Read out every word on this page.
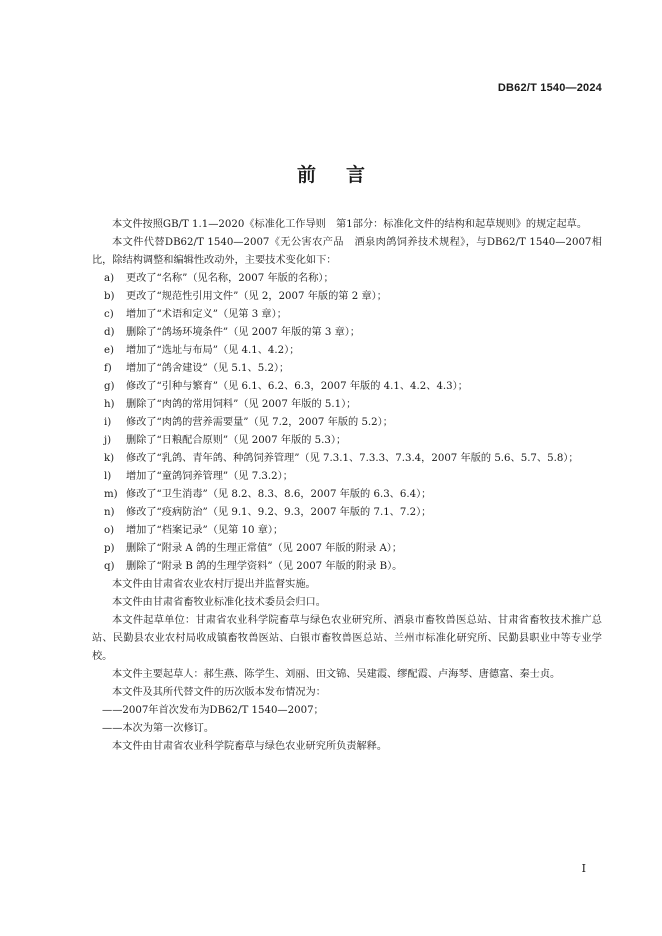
DB62/T 1540—2024
前言

本文件按照GB/T 1.1—2020《标准化工作导则　第1部分：标准化文件的结构和起草规则》的规定起草。

本文件代替DB62/T 1540—2007《无公害农产品　酒泉肉鸽饲养技术规程》，与DB62/T 1540—2007相比，除结构调整和编辑性改动外，主要技术变化如下：

a) 更改了“名称”（见名称，2007 年版的名称）；
b) 更改了“规范性引用文件”（见 2，2007 年版的第 2 章）；
c) 增加了“术语和定义”（见第 3 章）；
d) 删除了“鸽场环境条件”（见 2007 年版的第 3 章）；
e) 增加了“选址与布局”（见 4.1、4.2）；
f) 增加了“鸽舍建设”（见 5.1、5.2）；
g) 修改了“引种与繁育”（见 6.1、6.2、6.3，2007 年版的 4.1、4.2、4.3）；
h) 删除了“肉鸽的常用饲料”（见 2007 年版的 5.1）；
i) 修改了“肉鸽的营养需要量”（见 7.2，2007 年版的 5.2）；
j) 删除了“日粮配合原则”（见 2007 年版的 5.3）；
k) 修改了“乳鸽、青年鸽、种鸽饲养管理”（见 7.3.1、7.3.3、7.3.4，2007 年版的 5.6、5.7、5.8）；
l) 增加了“童鸽饲养管理”（见 7.3.2）；
m) 修改了“卫生消毒”（见 8.2、8.3、8.6，2007 年版的 6.3、6.4）；
n) 修改了“疫病防治”（见 9.1、9.2、9.3，2007 年版的 7.1、7.2）；
o) 增加了“档案记录”（见第 10 章）；
p) 删除了“附录 A 鸽的生理正常值”（见 2007 年版的附录 A）；
q) 删除了“附录 B 鸽的生理学资料”（见 2007 年版的附录 B）。

本文件由甘肃省农业农村厅提出并监督实施。

本文件由甘肃省畜牧业标准化技术委员会归口。

本文件起草单位：甘肃省农业科学院畜草与绿色农业研究所、酒泉市畜牧兽医总站、甘肃省畜牧技术推广总站、民勤县农业农村局收成镇畜牧兽医站、白银市畜牧兽医总站、兰州市标准化研究所、民勤县职业中等专业学校。

本文件主要起草人：郝生燕、陈学生、刘丽、田文锦、吴建霞、缪配霞、卢海琴、唐德富、秦士贞。

本文件及其所代替文件的历次版本发布情况为：

——2007年首次发布为DB62/T 1540—2007；

——本次为第一次修订。

本文件由甘肃省农业科学院畜草与绿色农业研究所负责解释。

I
